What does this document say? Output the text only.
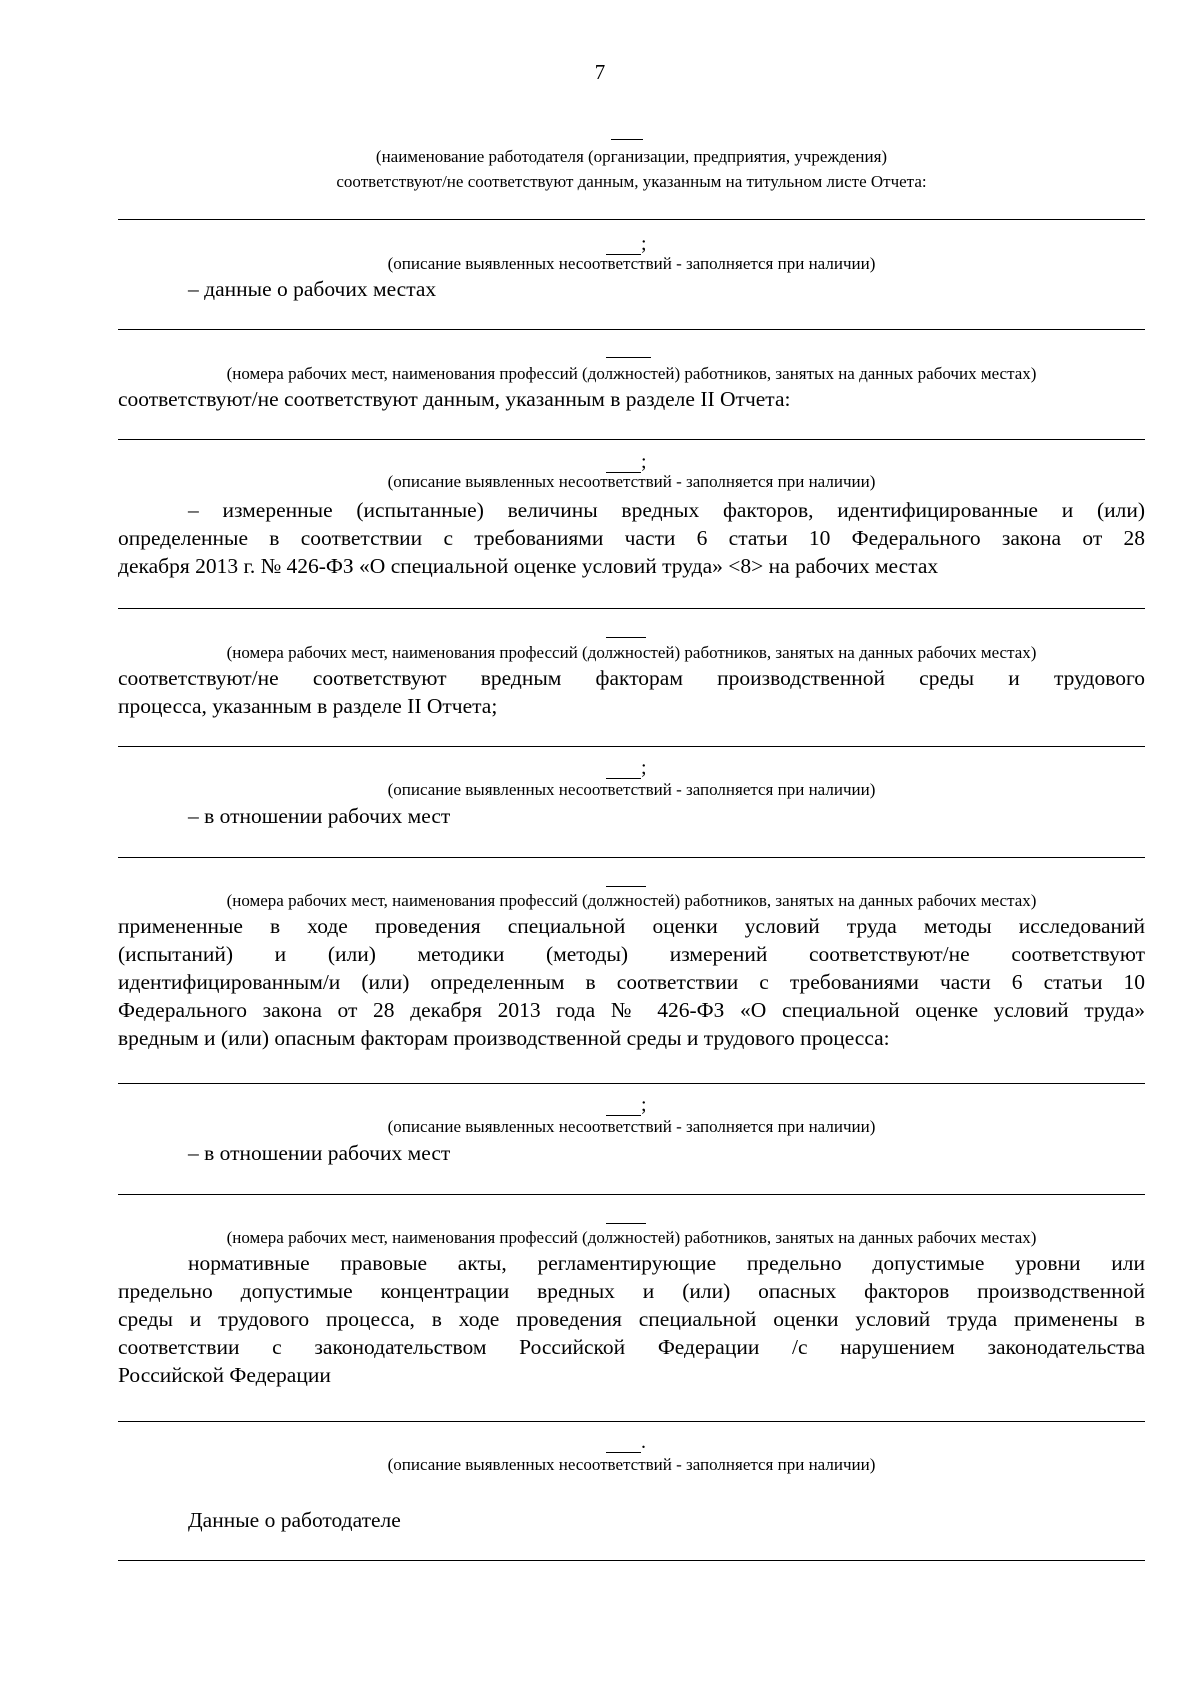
7
(наименование работодателя (организации, предприятия, учреждения)
соответствуют/не соответствуют данным, указанным на титульном листе Отчета:
;
(описание выявленных несоответствий - заполняется при наличии)
– данные о рабочих местах
(номера рабочих мест, наименования профессий (должностей) работников, занятых на данных рабочих местах)
соответствуют/не соответствуют данным, указанным в разделе II Отчета:
;
(описание выявленных несоответствий - заполняется при наличии)
– измеренные (испытанные) величины вредных факторов, идентифицированные и (или)
определенные в соответствии с требованиями части 6 статьи 10 Федерального закона от 28
декабря 2013 г. № 426-ФЗ «О специальной оценке условий труда» <8> на рабочих местах
(номера рабочих мест, наименования профессий (должностей) работников, занятых на данных рабочих местах)
соответствуют/не соответствуют вредным факторам производственной среды и трудового
процесса, указанным в разделе II Отчета;
;
(описание выявленных несоответствий - заполняется при наличии)
– в отношении рабочих мест
(номера рабочих мест, наименования профессий (должностей) работников, занятых на данных рабочих местах)
примененные в ходе проведения специальной оценки условий труда методы исследований
(испытаний) и (или) методики (методы) измерений соответствуют/не соответствуют
идентифицированным/и (или) определенным в соответствии с требованиями части 6 статьи 10
Федерального закона от 28 декабря 2013 года № 426-ФЗ «О специальной оценке условий труда»
вредным и (или) опасным факторам производственной среды и трудового процесса:
;
(описание выявленных несоответствий - заполняется при наличии)
– в отношении рабочих мест
(номера рабочих мест, наименования профессий (должностей) работников, занятых на данных рабочих местах)
нормативные правовые акты, регламентирующие предельно допустимые уровни или
предельно допустимые концентрации вредных и (или) опасных факторов производственной
среды и трудового процесса, в ходе проведения специальной оценки условий труда применены в
соответствии с законодательством Российской Федерации /с нарушением законодательства
Российской Федерации
.
(описание выявленных несоответствий - заполняется при наличии)
Данные о работодателе
